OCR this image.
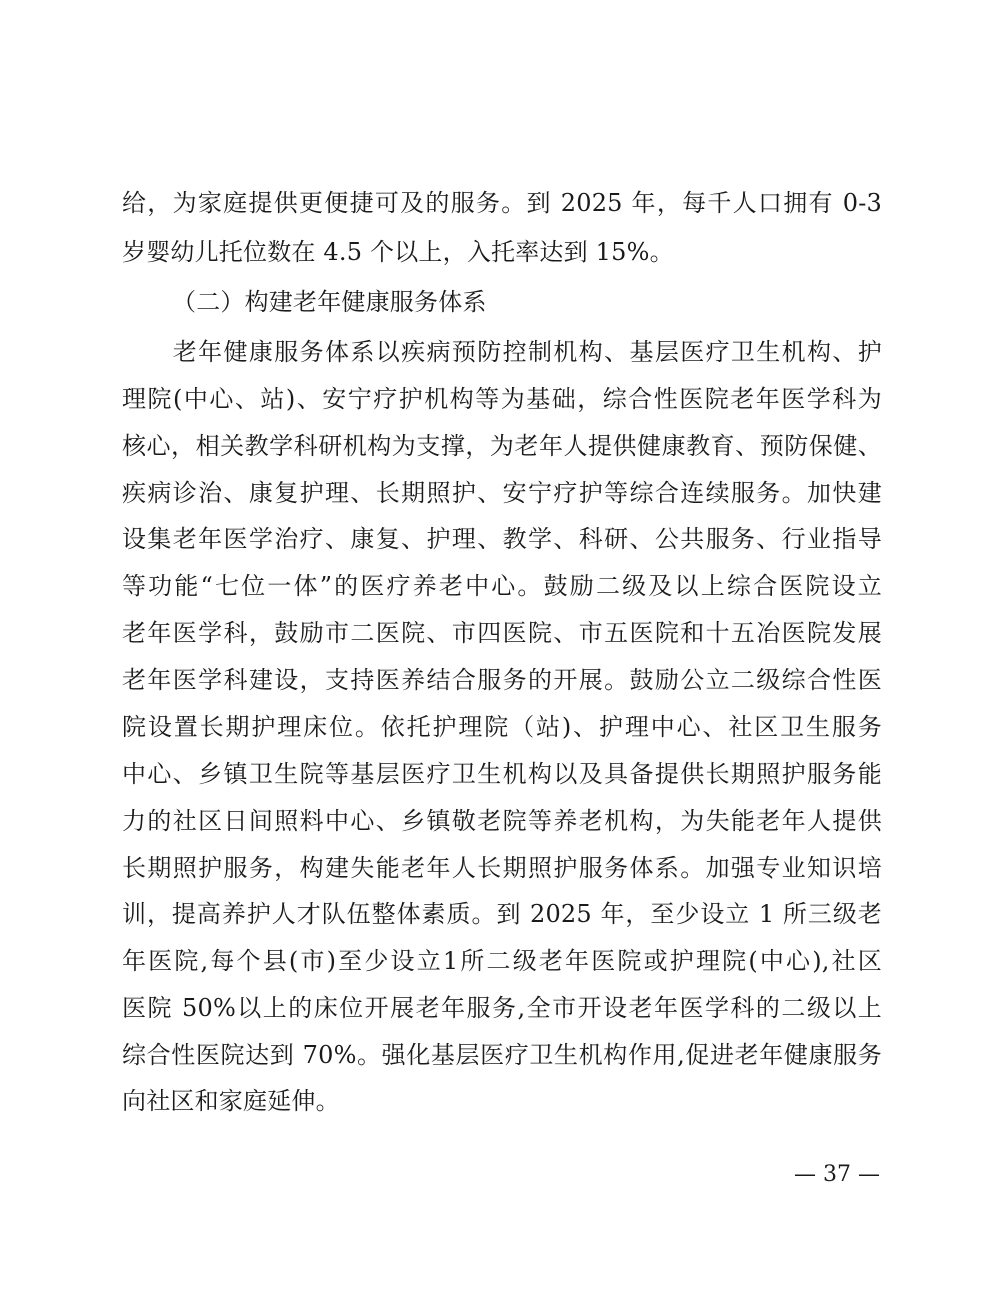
给，为家庭提供更便捷可及的服务。到 2025 年，每千人口拥有 0-3
岁婴幼儿托位数在 4.5 个以上，入托率达到 15%。
（二）构建老年健康服务体系
　　老年健康服务体系以疾病预防控制机构、基层医疗卫生机构、护
理院(中心、站)、安宁疗护机构等为基础，综合性医院老年医学科为
核心，相关教学科研机构为支撑，为老年人提供健康教育、预防保健、
疾病诊治、康复护理、长期照护、安宁疗护等综合连续服务。加快建
设集老年医学治疗、康复、护理、教学、科研、公共服务、行业指导
等功能“七位一体”的医疗养老中心。鼓励二级及以上综合医院设立
老年医学科，鼓励市二医院、市四医院、市五医院和十五冶医院发展
老年医学科建设，支持医养结合服务的开展。鼓励公立二级综合性医
院设置长期护理床位。依托护理院（站)、护理中心、社区卫生服务
中心、乡镇卫生院等基层医疗卫生机构以及具备提供长期照护服务能
力的社区日间照料中心、乡镇敬老院等养老机构，为失能老年人提供
长期照护服务，构建失能老年人长期照护服务体系。加强专业知识培
训，提高养护人才队伍整体素质。到 2025 年，至少设立 1 所三级老
年医院,每个县(市)至少设立1所二级老年医院或护理院(中心),社区
医院 50%以上的床位开展老年服务,全市开设老年医学科的二级以上
综合性医院达到 70%。强化基层医疗卫生机构作用,促进老年健康服务
向社区和家庭延伸。
— 37 —
